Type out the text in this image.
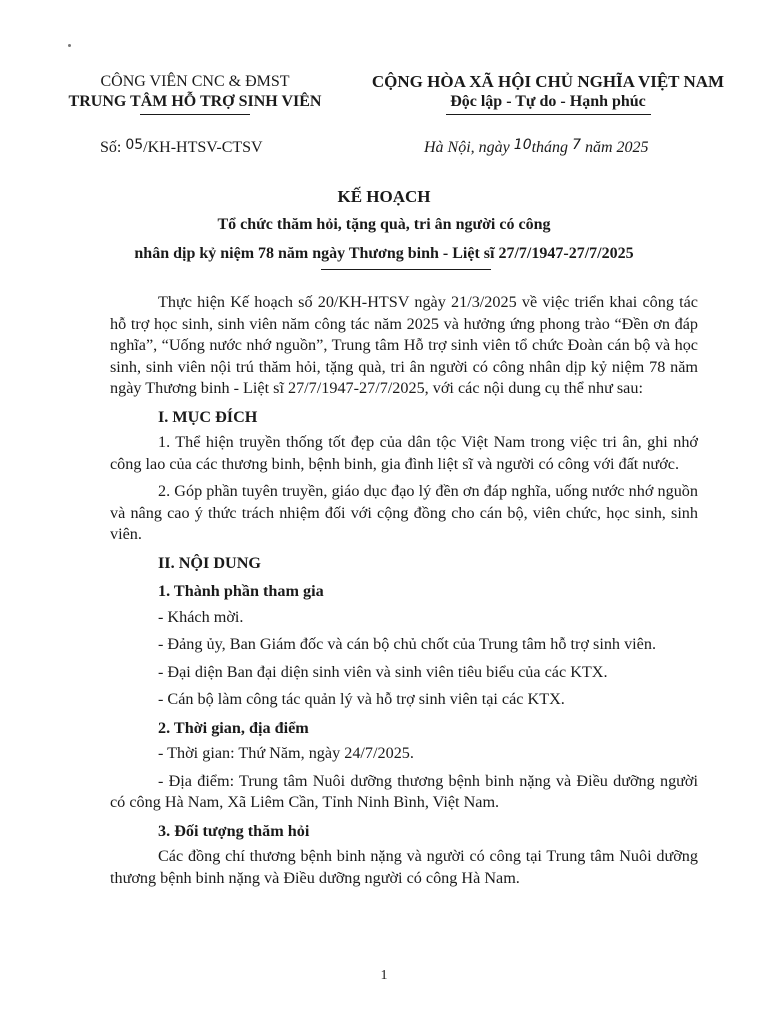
CÔNG VIÊN CNC & ĐMST
TRUNG TÂM HỖ TRỢ SINH VIÊN
CỘNG HÒA XÃ HỘI CHỦ NGHĨA VIỆT NAM
Độc lập - Tự do - Hạnh phúc
Số: 05/KH-HTSV-CTSV	Hà Nội, ngày 10tháng 7 năm 2025
KẾ HOẠCH
Tổ chức thăm hỏi, tặng quà, tri ân người có công
nhân dịp kỷ niệm 78 năm ngày Thương binh - Liệt sĩ 27/7/1947-27/7/2025

Thực hiện Kế hoạch số 20/KH-HTSV ngày 21/3/2025 về việc triển khai công tác hỗ trợ học sinh, sinh viên năm công tác năm 2025 và hưởng ứng phong trào “Đền ơn đáp nghĩa”, “Uống nước nhớ nguồn”, Trung tâm Hỗ trợ sinh viên tổ chức Đoàn cán bộ và học sinh, sinh viên nội trú thăm hỏi, tặng quà, tri ân người có công nhân dịp kỷ niệm 78 năm ngày Thương binh - Liệt sĩ 27/7/1947-27/7/2025, với các nội dung cụ thể như sau:

I. MỤC ĐÍCH

1. Thể hiện truyền thống tốt đẹp của dân tộc Việt Nam trong việc tri ân, ghi nhớ công lao của các thương binh, bệnh binh, gia đình liệt sĩ và người có công với đất nước.

2. Góp phần tuyên truyền, giáo dục đạo lý đền ơn đáp nghĩa, uống nước nhớ nguồn và nâng cao ý thức trách nhiệm đối với cộng đồng cho cán bộ, viên chức, học sinh, sinh viên.

II. NỘI DUNG
1. Thành phần tham gia
- Khách mời.
- Đảng ủy, Ban Giám đốc và cán bộ chủ chốt của Trung tâm hỗ trợ sinh viên.
- Đại diện Ban đại diện sinh viên và sinh viên tiêu biểu của các KTX.
- Cán bộ làm công tác quản lý và hỗ trợ sinh viên tại các KTX.
2. Thời gian, địa điểm
- Thời gian: Thứ Năm, ngày 24/7/2025.

- Địa điểm: Trung tâm Nuôi dưỡng thương bệnh binh nặng và Điều dưỡng người có công Hà Nam, Xã Liêm Cần, Tỉnh Ninh Bình, Việt Nam.

3. Đối tượng thăm hỏi

Các đồng chí thương bệnh binh nặng và người có công tại Trung tâm Nuôi dưỡng thương bệnh binh nặng và Điều dưỡng người có công Hà Nam.

1
